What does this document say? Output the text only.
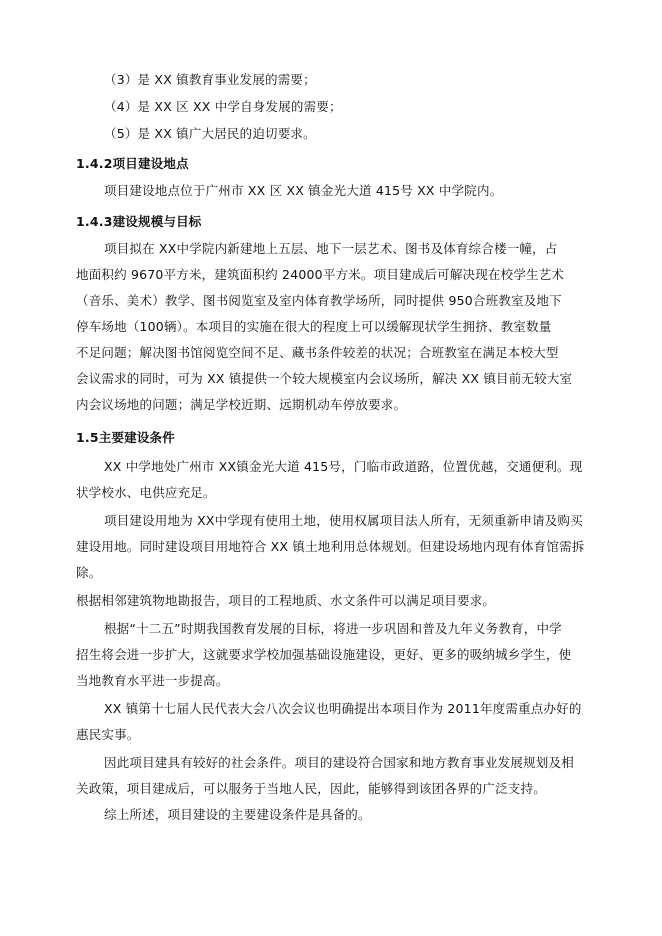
（3）是 XX 镇教育事业发展的需要；
（4）是 XX 区 XX 中学自身发展的需要；
（5）是 XX 镇广大居民的迫切要求。
1.4.2项目建设地点
项目建设地点位于广州市 XX 区 XX 镇金光大道 415号 XX 中学院内。
1.4.3建设规模与目标
项目拟在 XX中学院内新建地上五层、地下一层艺术、图书及体育综合楼一幢，占
地面积约 9670平方米，建筑面积约 24000平方米。项目建成后可解决现在校学生艺术
（音乐、美术）教学、图书阅览室及室内体育教学场所，同时提供 950合班教室及地下
停车场地（100辆）。本项目的实施在很大的程度上可以缓解现状学生拥挤、教室数量
不足问题；解决图书馆阅览空间不足、藏书条件较差的状况；合班教室在满足本校大型
会议需求的同时，可为 XX 镇提供一个较大规模室内会议场所，解决 XX 镇目前无较大室
内会议场地的问题；满足学校近期、远期机动车停放要求。
1.5主要建设条件
XX 中学地处广州市 XX镇金光大道 415号，门临市政道路，位置优越，交通便利。现
状学校水、电供应充足。
项目建设用地为 XX中学现有使用土地，使用权属项目法人所有，无须重新申请及购买
建设用地。同时建设项目用地符合 XX 镇土地利用总体规划。但建设场地内现有体育馆需拆
除。
根据相邻建筑物地勘报告，项目的工程地质、水文条件可以满足项目要求。
根据“十二五”时期我国教育发展的目标，将进一步巩固和普及九年义务教育，中学
招生将会进一步扩大，这就要求学校加强基础设施建设，更好、更多的吸纳城乡学生，使
当地教育水平进一步提高。
XX 镇第十七届人民代表大会八次会议也明确提出本项目作为 2011年度需重点办好的
惠民实事。
因此项目建具有较好的社会条件。项目的建设符合国家和地方教育事业发展规划及相
关政策，项目建成后，可以服务于当地人民，因此，能够得到该团各界的广泛支持。
综上所述，项目建设的主要建设条件是具备的。
